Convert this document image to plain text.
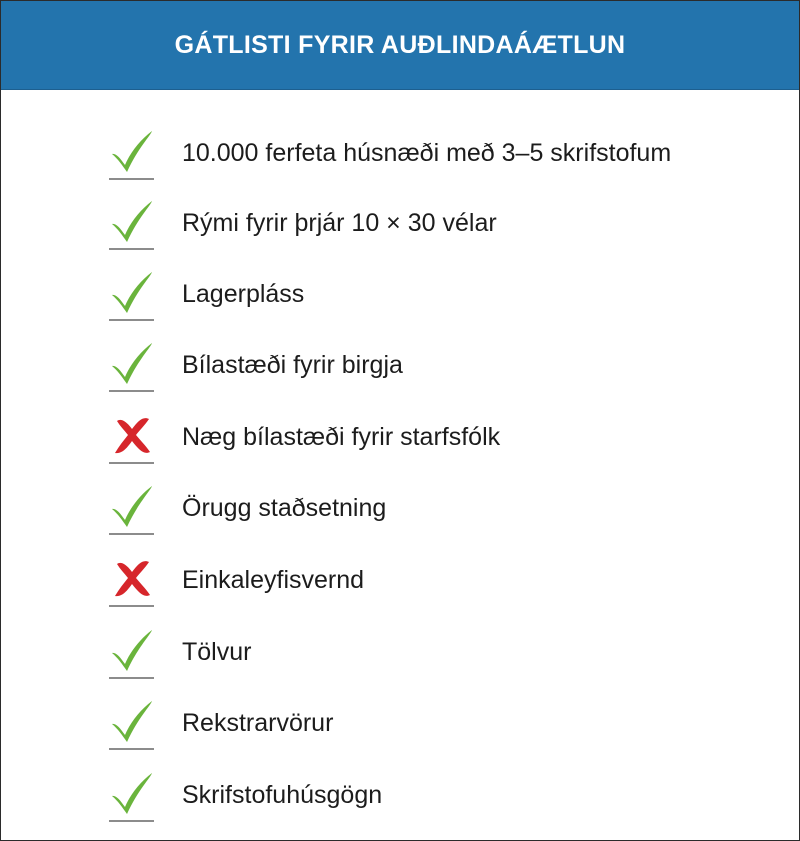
GÁTLISTI FYRIR AUÐLINDAÁÆTLUN
10.000 ferfeta húsnæði með 3–5 skrifstofum
Rými fyrir þrjár 10 × 30 vélar
Lagerpláss
Bílastæði fyrir birgja
Næg bílastæði fyrir starfsfólk
Örugg staðsetning
Einkaleyfisvernd
Tölvur
Rekstrarvörur
Skrifstofuhúsgögn
